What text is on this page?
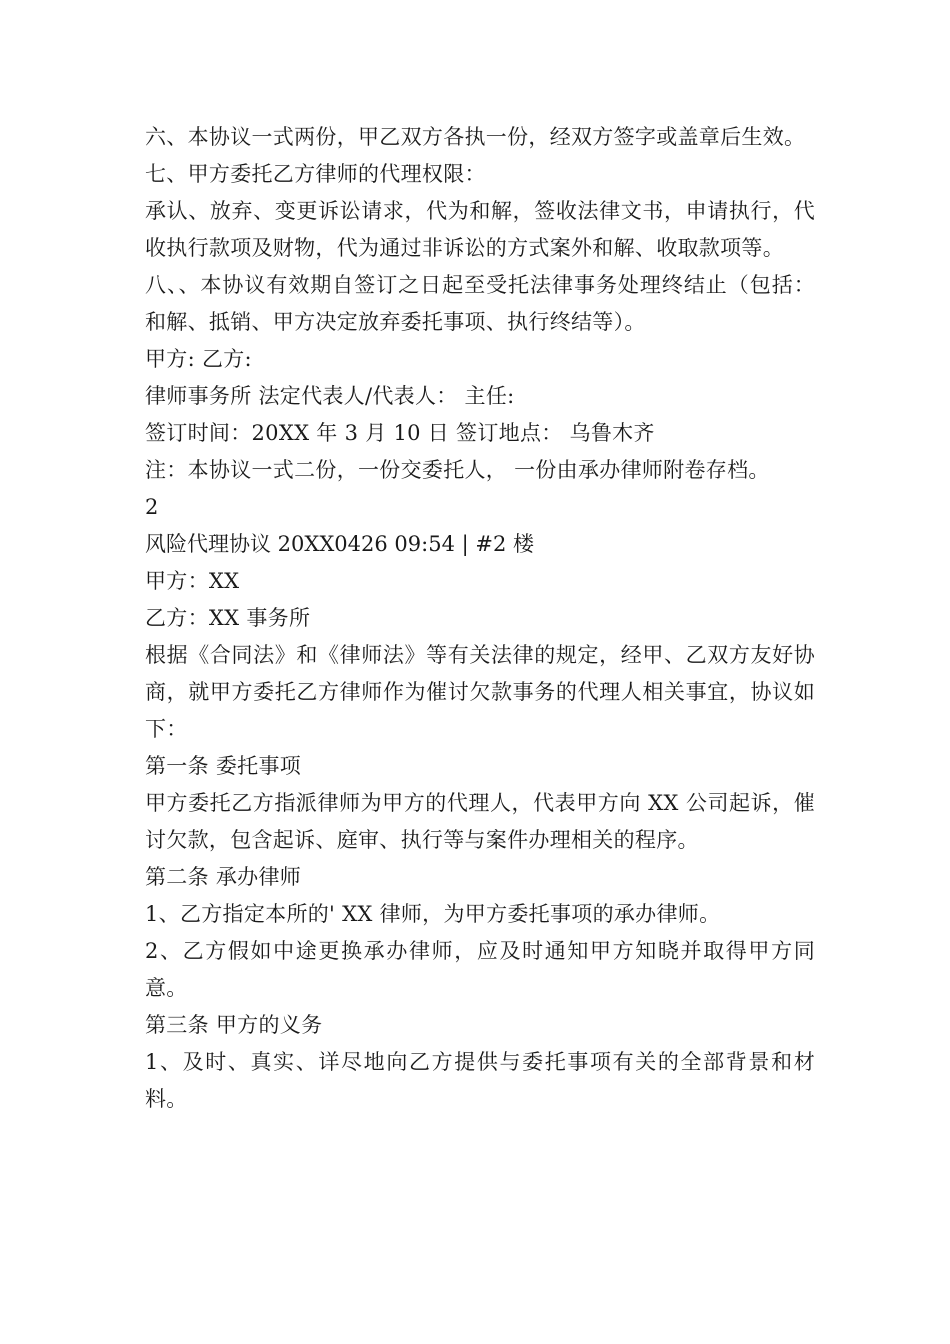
六、本协议一式两份，甲乙双方各执一份，经双方签字或盖章后生效。

七、甲方委托乙方律师的代理权限：

承认、放弃、变更诉讼请求，代为和解，签收法律文书，申请执行，代收执行款项及财物，代为通过非诉讼的方式案外和解、收取款项等。

八、、本协议有效期自签订之日起至受托法律事务处理终结止（包括：和解、抵销、甲方决定放弃委托事项、执行终结等）。

甲方: 乙方:

律师事务所 法定代表人/代表人： 主任:

签订时间：20XX 年 3 月 10 日 签订地点： 乌鲁木齐

注：本协议一式二份，一份交委托人， 一份由承办律师附卷存档。

2

风险代理协议 20XX0426 09:54 | #2 楼

甲方：XX

乙方：XX 事务所

根据《合同法》和《律师法》等有关法律的规定，经甲、乙双方友好协商，就甲方委托乙方律师作为催讨欠款事务的代理人相关事宜，协议如下：

第一条 委托事项

甲方委托乙方指派律师为甲方的代理人，代表甲方向 XX 公司起诉，催讨欠款，包含起诉、庭审、执行等与案件办理相关的程序。

第二条 承办律师

1、乙方指定本所的' XX 律师，为甲方委托事项的承办律师。

2、乙方假如中途更换承办律师，应及时通知甲方知晓并取得甲方同意。

第三条 甲方的义务

1、及时、真实、详尽地向乙方提供与委托事项有关的全部背景和材料。
